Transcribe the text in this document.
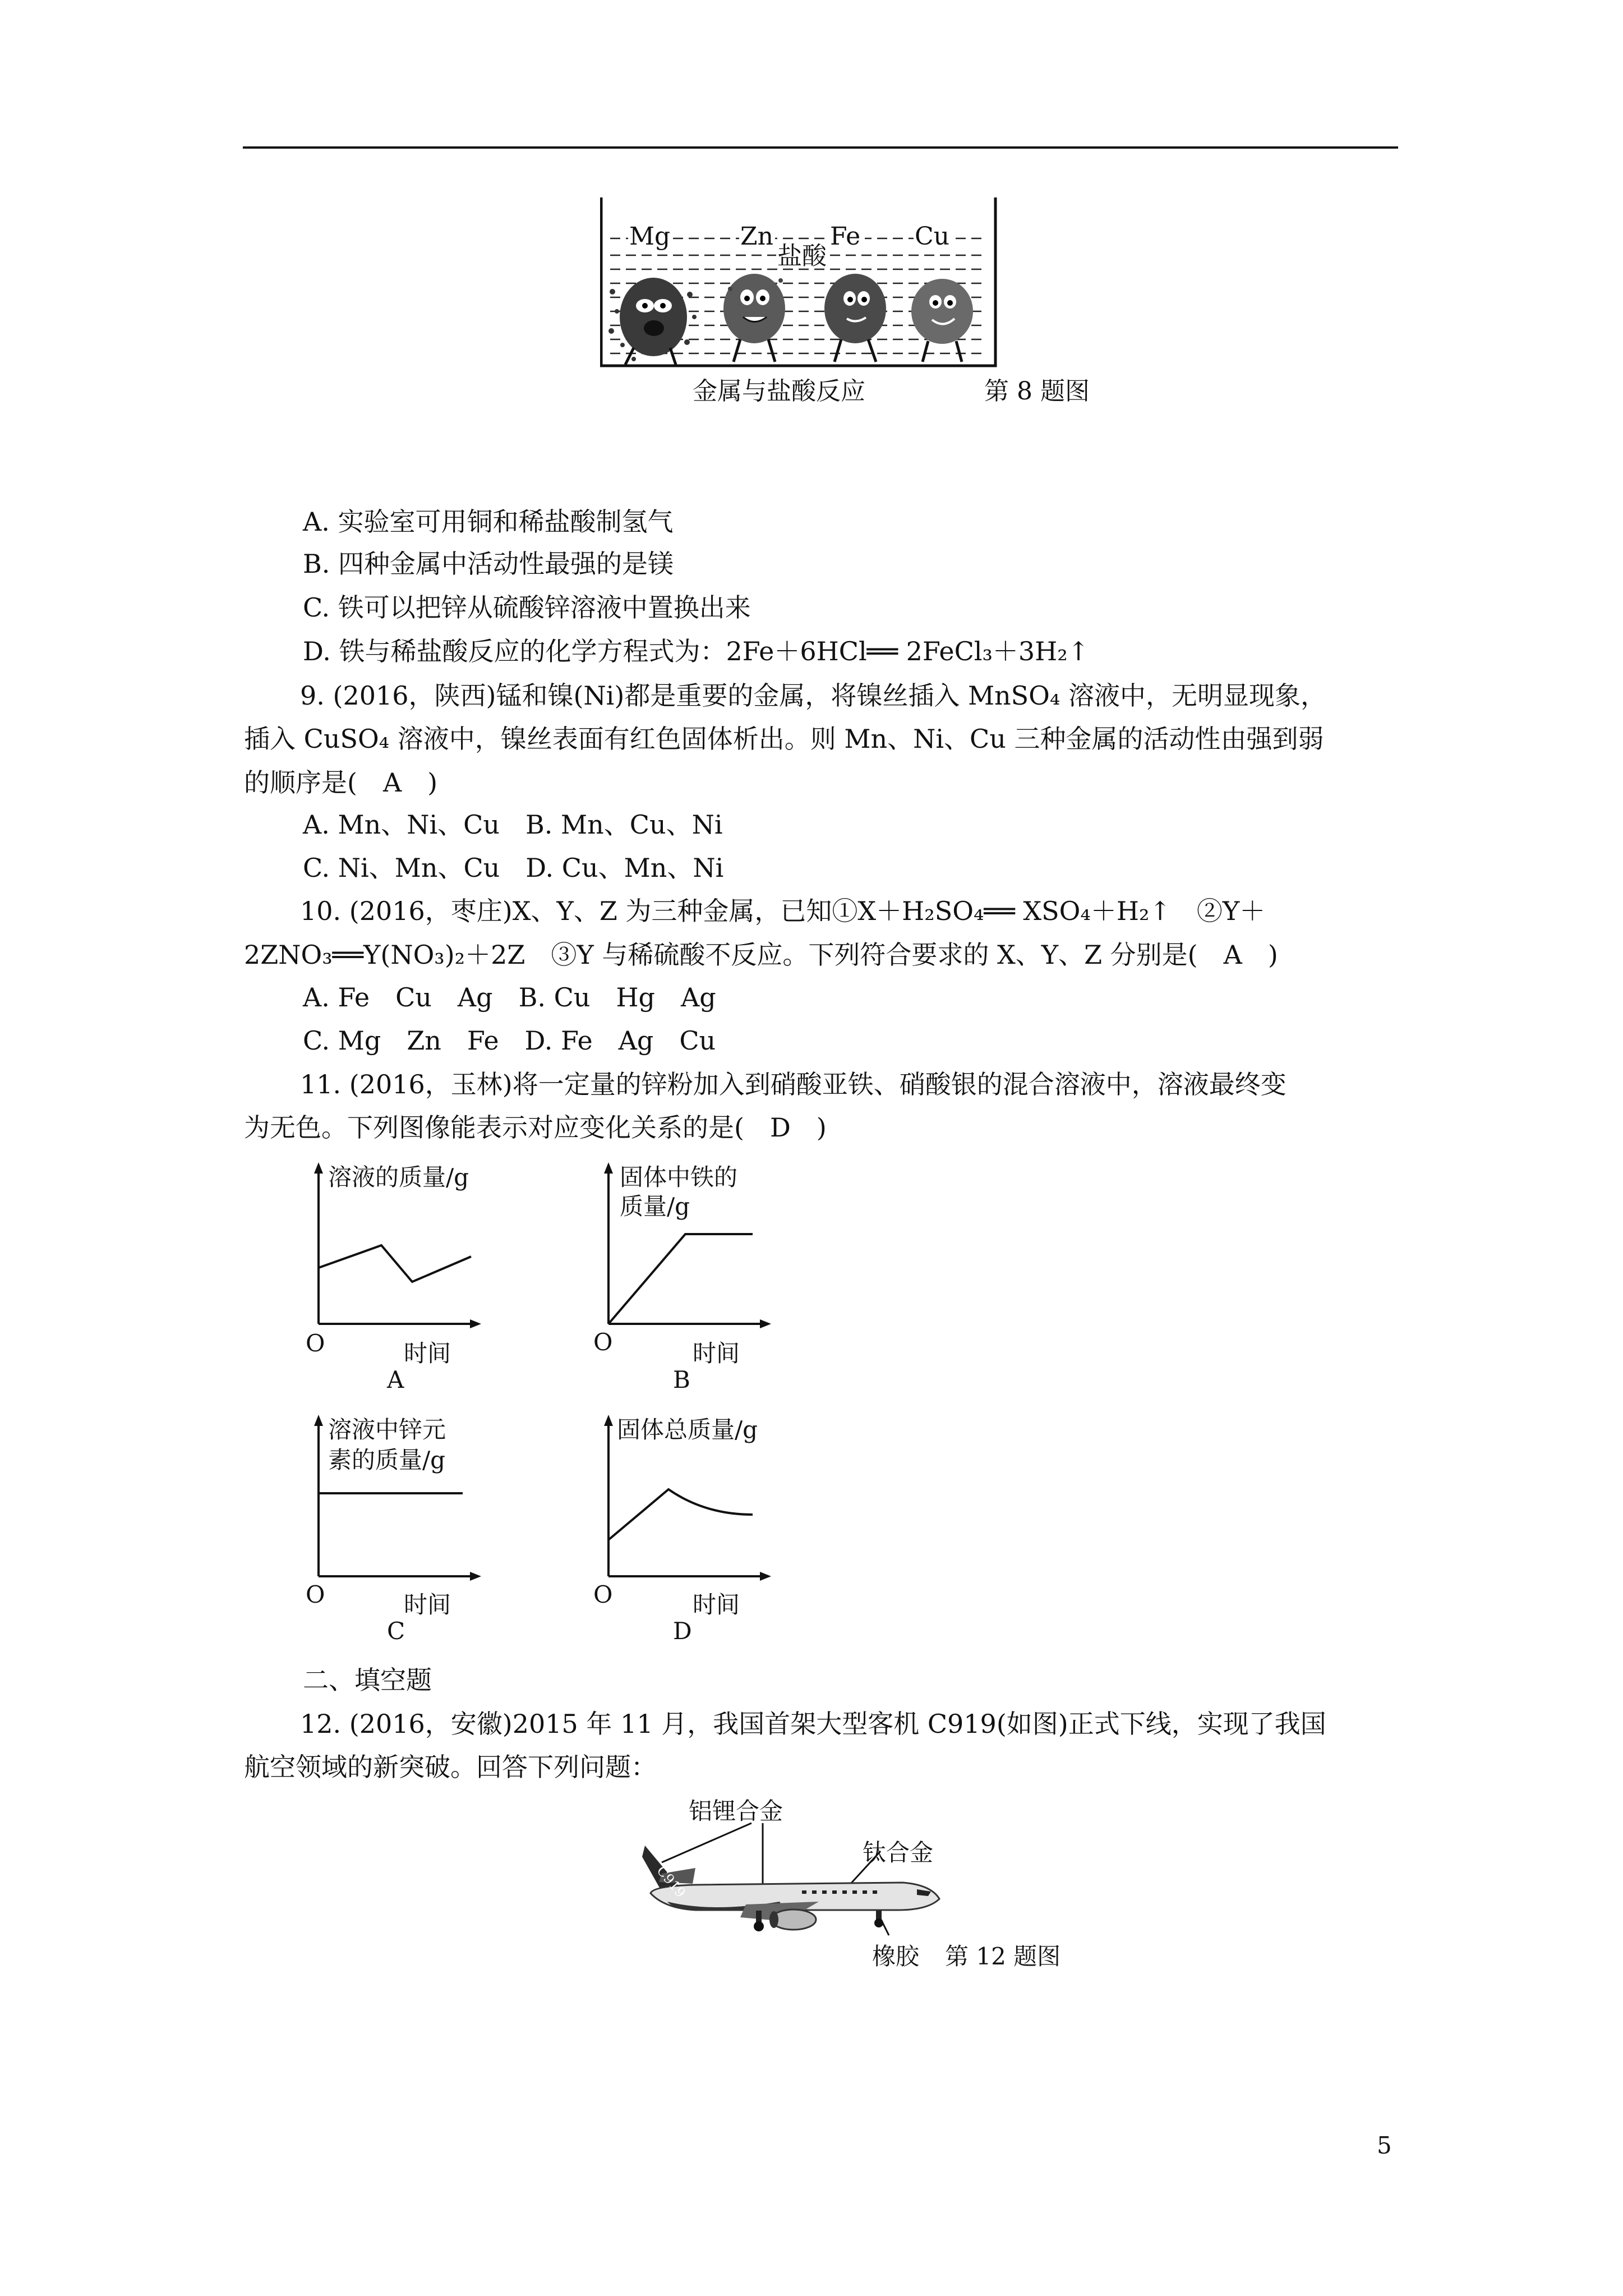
Mg	Zn Fe Cu
盐酸
金属与盐酸反应	第 8 题图
A. 实验室可用铜和稀盐酸制氢气
B. 四种金属中活动性最强的是镁
C. 铁可以把锌从硫酸锌溶液中置换出来
D. 铁与稀盐酸反应的化学方程式为：2Fe＋6HCl══ 2FeCl₃＋3H₂↑
9. (2016，陕西)锰和镍(Ni)都是重要的金属，将镍丝插入 MnSO₄ 溶液中，无明显现象，
插入 CuSO₄ 溶液中，镍丝表面有红色固体析出。则 Mn、Ni、Cu 三种金属的活动性由强到弱
的顺序是(　A　)
A. Mn、Ni、Cu　B. Mn、Cu、Ni
C. Ni、Mn、Cu　D. Cu、Mn、Ni
10. (2016，枣庄)X、Y、Z 为三种金属，已知①X＋H₂SO₄══ XSO₄＋H₂↑　②Y＋
2ZNO₃══Y(NO₃)₂＋2Z　③Y 与稀硫酸不反应。下列符合要求的 X、Y、Z 分别是(　A　)
A. Fe　Cu　Ag　B. Cu　Hg　Ag
C. Mg　Zn　Fe　D. Fe　Ag　Cu
11. (2016，玉林)将一定量的锌粉加入到硝酸亚铁、硝酸银的混合溶液中，溶液最终变
为无色。下列图像能表示对应变化关系的是(　D　)
溶液的质量/g
O	时间
A
固体中铁的
质量/g
O	时间
B
溶液中锌元
素的质量/g
O	时间
C
固体总质量/g
O	时间
D
二、填空题
12. (2016，安徽)2015 年 11 月，我国首架大型客机 C919(如图)正式下线，实现了我国
航空领域的新突破。回答下列问题：
C919
铝锂合金
钛合金
橡胶 第 12 题图
5
